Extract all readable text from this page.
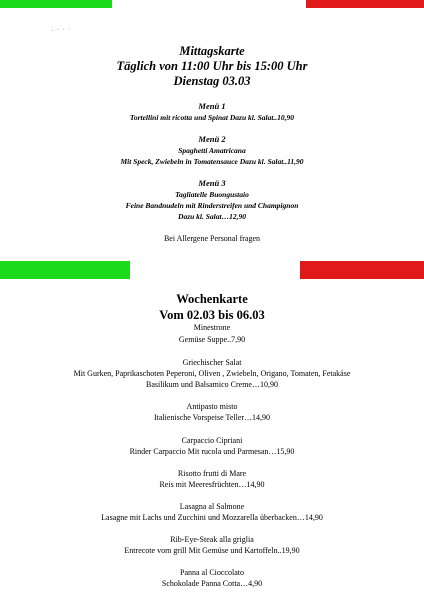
. · · ·
Mittagskarte
Täglich von 11:00 Uhr bis 15:00 Uhr
Dienstag 03.03
Menü 1
Tortellini mit ricotta und Spinat Dazu kl. Salat..10,90
Menü 2
Spaghetti Amatricana
Mit Speck, Zwiebeln in Tomatensauce Dazu kl. Salat..11,90
Menü 3
Tagliatelle Buongustaio
Feine Bandnudeln mit Rinderstreifen und Champignon
Dazu kl. Salat…12,90
Bei Allergene Personal fragen
Wochenkarte
Vom 02.03 bis 06.03
Minestrone
Gemüse Suppe..7,90
Griechischer Salat
Mit Gurken, Paprikaschoten Peperoni, Oliven , Zwiebeln, Origano, Tomaten, Fetakäse
Basilikum und Balsamico Creme…10,90
Antipasto misto
Italienische Vorspeise Teller…14,90
Carpaccio Cipriani
Rinder Carpaccio Mit rucola und Parmesan…15,90
Risotto frutti di Mare
Reis mit Meeresfrüchten…14,90
Lasagna al Salmone
Lasagne mit Lachs und Zucchini und Mozzarella überbacken…14,90
Rib-Eye-Steak alla griglia
Entrecote vom grill Mit Gemüse und Kartoffeln..19,90
Panna al Cioccolato
Schokolade Panna Cotta…4,90
